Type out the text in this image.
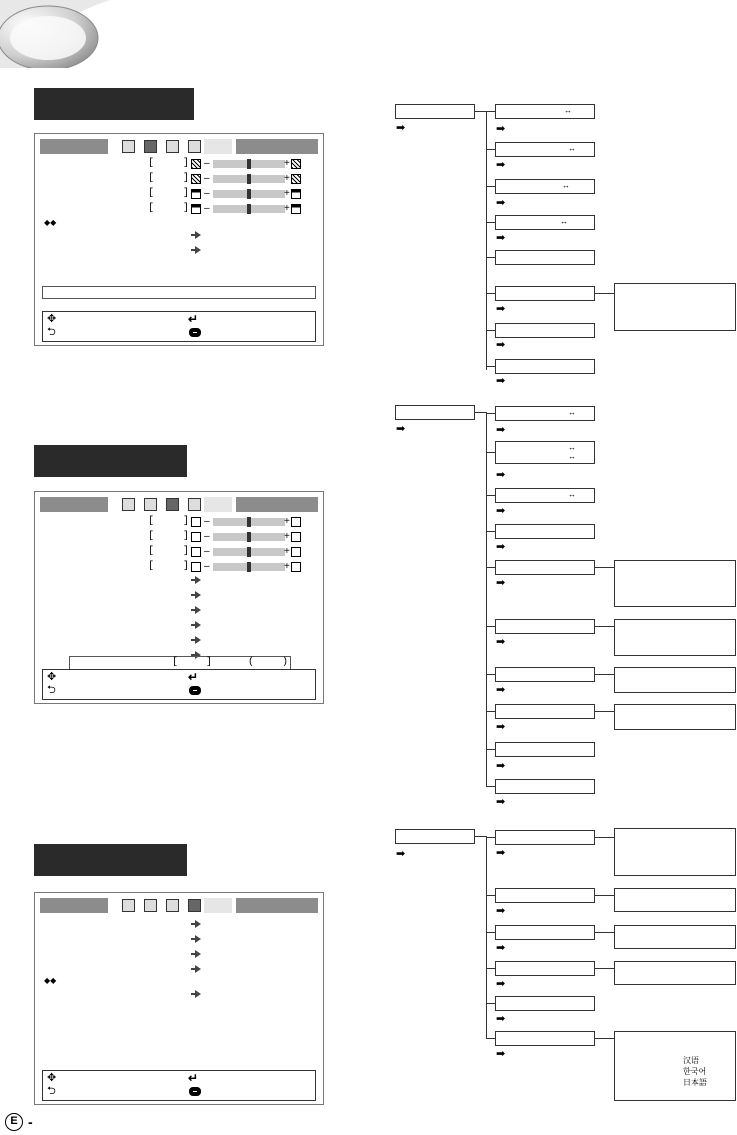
[	] –	+
[	] –	+
[	] –	+
[	] –	+
◆◆
✥
⮌
↵
[	] –	+
[	] –	+
[	] –	+
[	] –	+
[	]	(	)
✥
⮌
↵
◆◆
✥
⮌
↵
➡
↔
➡
↔
➡
↔
➡
↔
➡
➡
➡
➡
➡
↔
➡
↔
↔
➡
↔
➡
➡
➡
➡
➡
➡
➡
➡
➡	➡
➡
➡
➡
➡
➡
汉语
한국어
日本語
E -
